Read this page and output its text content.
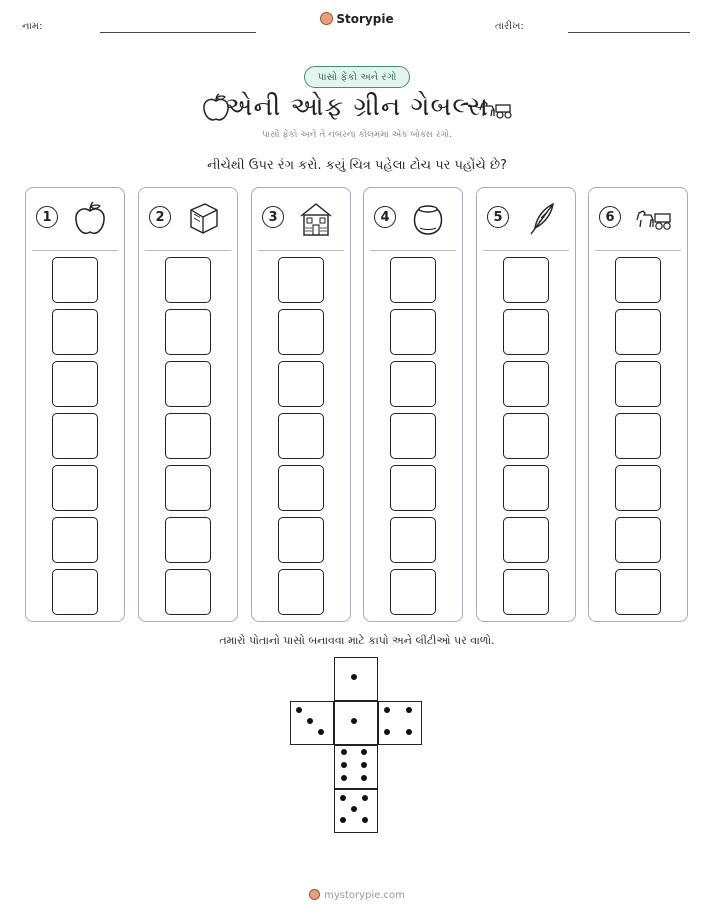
નામ:
Storypie
તારીખ:
પાસો ફેંકો અને રંગો
એની ઓફ ગ્રીન ગેબલ્સ
પાસો ફેંકો અને તે નંબરના કોલમમાં એક બોક્સ રંગો.
નીચેથી ઉપર રંગ કરો. કયું ચિત્ર પહેલા ટોચ પર પહોંચે છે?
1	2	3	4	5	6
તમારો પોતાનો પાસો બનાવવા માટે કાપો અને લીટીઓ પર વાળો.
mystorypie.com
